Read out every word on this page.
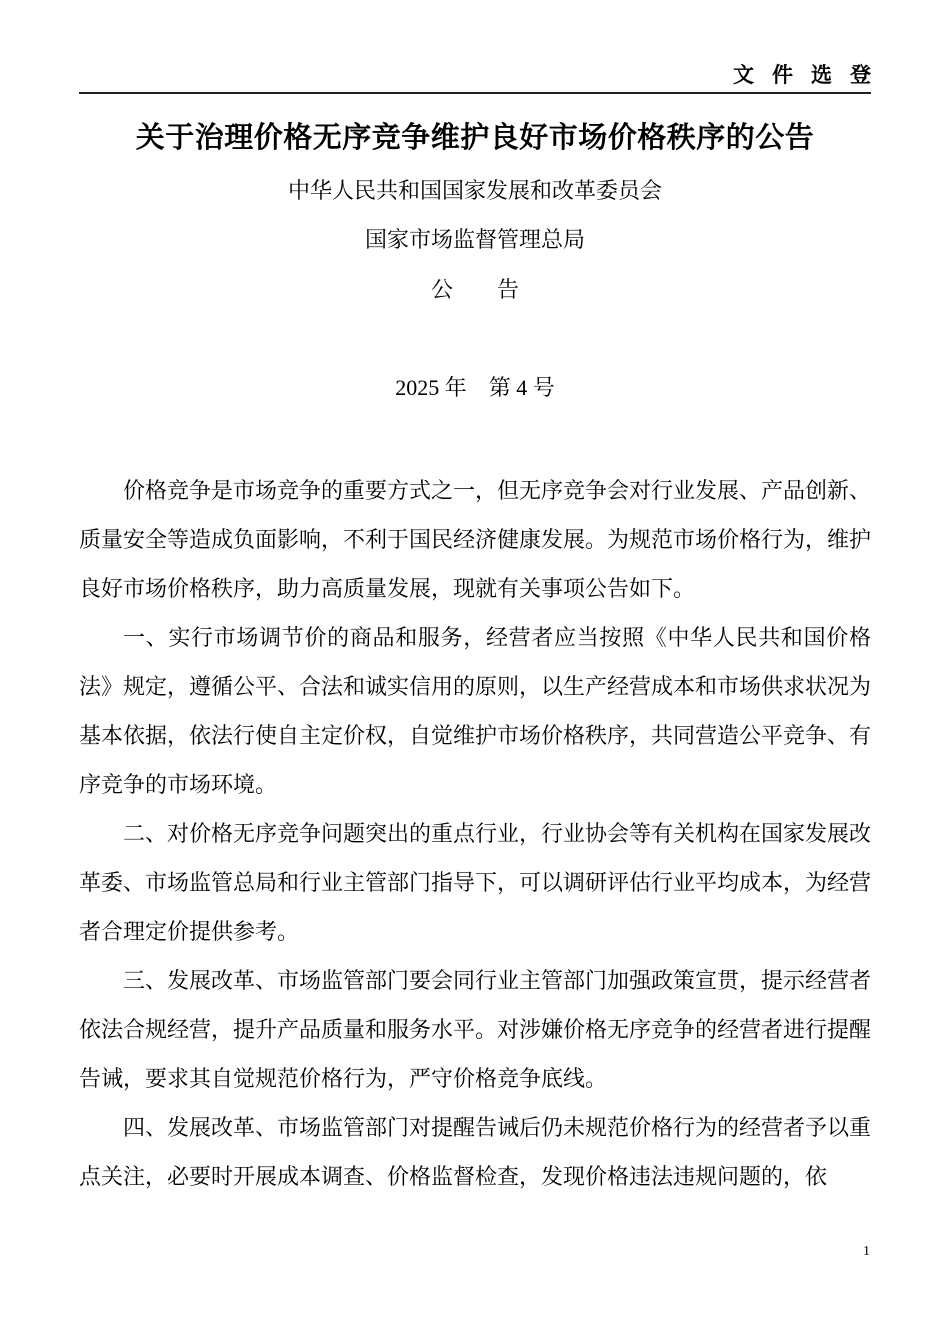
文件选登
关于治理价格无序竞争维护良好市场价格秩序的公告
中华人民共和国国家发展和改革委员会
国家市场监督管理总局
公　　告
2025 年　第 4 号

价格竞争是市场竞争的重要方式之一，但无序竞争会对行业发展、产品创新、质量安全等造成负面影响，不利于国民经济健康发展。为规范市场价格行为，维护良好市场价格秩序，助力高质量发展，现就有关事项公告如下。

一、实行市场调节价的商品和服务，经营者应当按照《中华人民共和国价格法》规定，遵循公平、合法和诚实信用的原则，以生产经营成本和市场供求状况为基本依据，依法行使自主定价权，自觉维护市场价格秩序，共同营造公平竞争、有序竞争的市场环境。

二、对价格无序竞争问题突出的重点行业，行业协会等有关机构在国家发展改革委、市场监管总局和行业主管部门指导下，可以调研评估行业平均成本，为经营者合理定价提供参考。

三、发展改革、市场监管部门要会同行业主管部门加强政策宣贯，提示经营者依法合规经营，提升产品质量和服务水平。对涉嫌价格无序竞争的经营者进行提醒告诫，要求其自觉规范价格行为，严守价格竞争底线。

四、发展改革、市场监管部门对提醒告诫后仍未规范价格行为的经营者予以重点关注，必要时开展成本调查、价格监督检查，发现价格违法违规问题的，依

1
